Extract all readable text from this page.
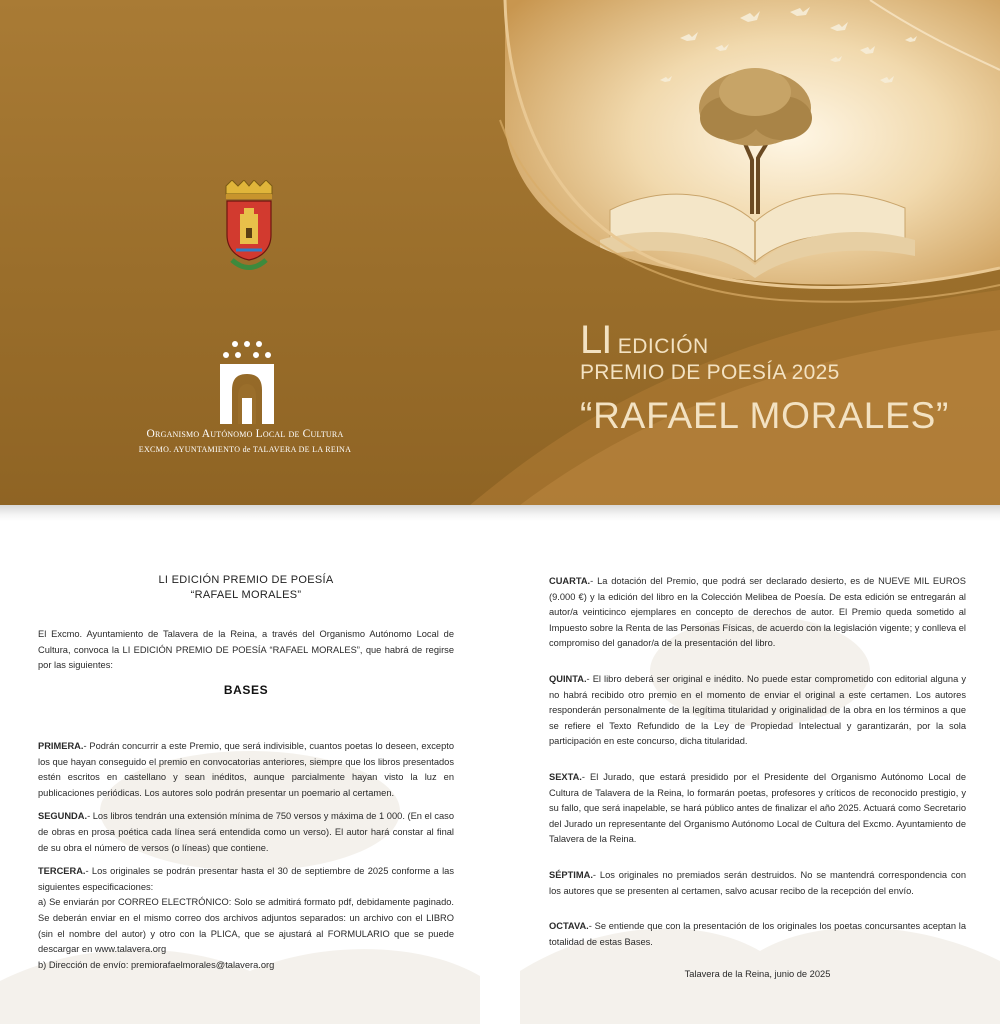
Organismo Autónomo Local de Cultura
EXCMO. AYUNTAMIENTO de TALAVERA DE LA REINA
LI EDICIÓN
PREMIO DE POESÍA 2025
“RAFAEL MORALES”
LI EDICIÓN PREMIO DE POESÍA
“RAFAEL MORALES”

El Excmo. Ayuntamiento de Talavera de la Reina, a través del Organismo Autónomo Local de Cultura, convoca la LI EDICIÓN PREMIO DE POESÍA “RAFAEL MORALES”, que habrá de regirse por las siguientes:

BASES

PRIMERA.- Podrán concurrir a este Premio, que será indivisible, cuantos poetas lo deseen, excepto los que hayan conseguido el premio en convocatorias anteriores, siempre que los libros presentados estén escritos en castellano y sean inéditos, aunque parcialmente hayan visto la luz en publicaciones periódicas. Los autores solo podrán presentar un poemario al certamen.

SEGUNDA.- Los libros tendrán una extensión mínima de 750 versos y máxima de 1 000. (En el caso de obras en prosa poética cada línea será entendida como un verso). El autor hará constar al final de su obra el número de versos (o líneas) que contiene.

TERCERA.- Los originales se podrán presentar hasta el 30 de septiembre de 2025 conforme a las siguientes especificaciones:

a) Se enviarán por CORREO ELECTRÓNICO: Solo se admitirá formato pdf, debidamente paginado. Se deberán enviar en el mismo correo dos archivos adjuntos separados: un archivo con el LIBRO (sin el nombre del autor) y otro con la PLICA, que se ajustará al FORMULARIO que se puede descargar en www.talavera.org

b) Dirección de envío: premiorafaelmorales@talavera.org

CUARTA.- La dotación del Premio, que podrá ser declarado desierto, es de NUEVE MIL EUROS (9.000 €) y la edición del libro en la Colección Melibea de Poesía. De esta edición se entregarán al autor/a veinticinco ejemplares en concepto de derechos de autor. El Premio queda sometido al Impuesto sobre la Renta de las Personas Físicas, de acuerdo con la legislación vigente; y conlleva el compromiso del ganador/a de la presentación del libro.

QUINTA.- El libro deberá ser original e inédito. No puede estar comprometido con editorial alguna y no habrá recibido otro premio en el momento de enviar el original a este certamen. Los autores responderán personalmente de la legítima titularidad y originalidad de la obra en los términos a que se refiere el Texto Refundido de la Ley de Propiedad Intelectual y garantizarán, por la sola participación en este concurso, dicha titularidad.

SEXTA.- El Jurado, que estará presidido por el Presidente del Organismo Autónomo Local de Cultura de Talavera de la Reina, lo formarán poetas, profesores y críticos de reconocido prestigio, y su fallo, que será inapelable, se hará público antes de finalizar el año 2025. Actuará como Secretario del Jurado un representante del Organismo Autónomo Local de Cultura del Excmo. Ayuntamiento de Talavera de la Reina.

SÉPTIMA.- Los originales no premiados serán destruidos. No se mantendrá correspondencia con los autores que se presenten al certamen, salvo acusar recibo de la recepción del envío.

OCTAVA.- Se entiende que con la presentación de los originales los poetas concursantes aceptan la totalidad de estas Bases.

Talavera de la Reina, junio de 2025
